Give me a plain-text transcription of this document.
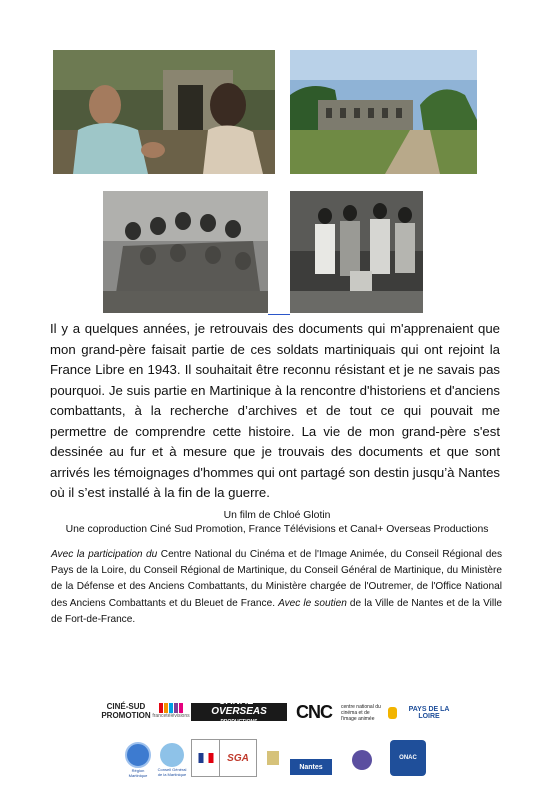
Il y a quelques années, je retrouvais des documents qui m'apprenaient que mon grand-père faisait partie de ces soldats martiniquais qui ont rejoint la France Libre en 1943. Il souhaitait être reconnu résistant et je ne savais pas pourquoi. Je suis partie en Martinique à la rencontre d'historiens et d'anciens combattants, à la recherche d’archives et de tout ce qui pouvait me permettre de comprendre cette histoire. La vie de mon grand-père s'est dessinée au fur et à mesure que je trouvais des documents et que sont arrivés les témoignages d'hommes qui ont partagé son destin jusqu’à Nantes où il s’est installé à la fin de la guerre.
Un film de Chloé Glotin
Une coproduction Ciné Sud Promotion, France Télévisions et Canal+ Overseas Productions
Avec la participation du Centre National du Cinéma et de l'Image Animée, du Conseil Régional des Pays de la Loire, du Conseil Régional de Martinique, du Conseil Général de Martinique, du Ministère de la Défense et des Anciens Combattants, du Ministère chargée de l'Outremer, de l'Office National des Anciens Combattants et du Bleuet de France. Avec le soutien de la Ville de Nantes et de la Ville de Fort-de-France.
CINÉ-SUD
PROMOTION francetélévisions
CANAL+ OVERSEAS
PRODUCTIONS
CNC	centre national du cinéma et de l'image animée
PAYS DE LA LOIRE
Région Martinique
Conseil Général de la Martinique
SGA
Nantes
ONAC
